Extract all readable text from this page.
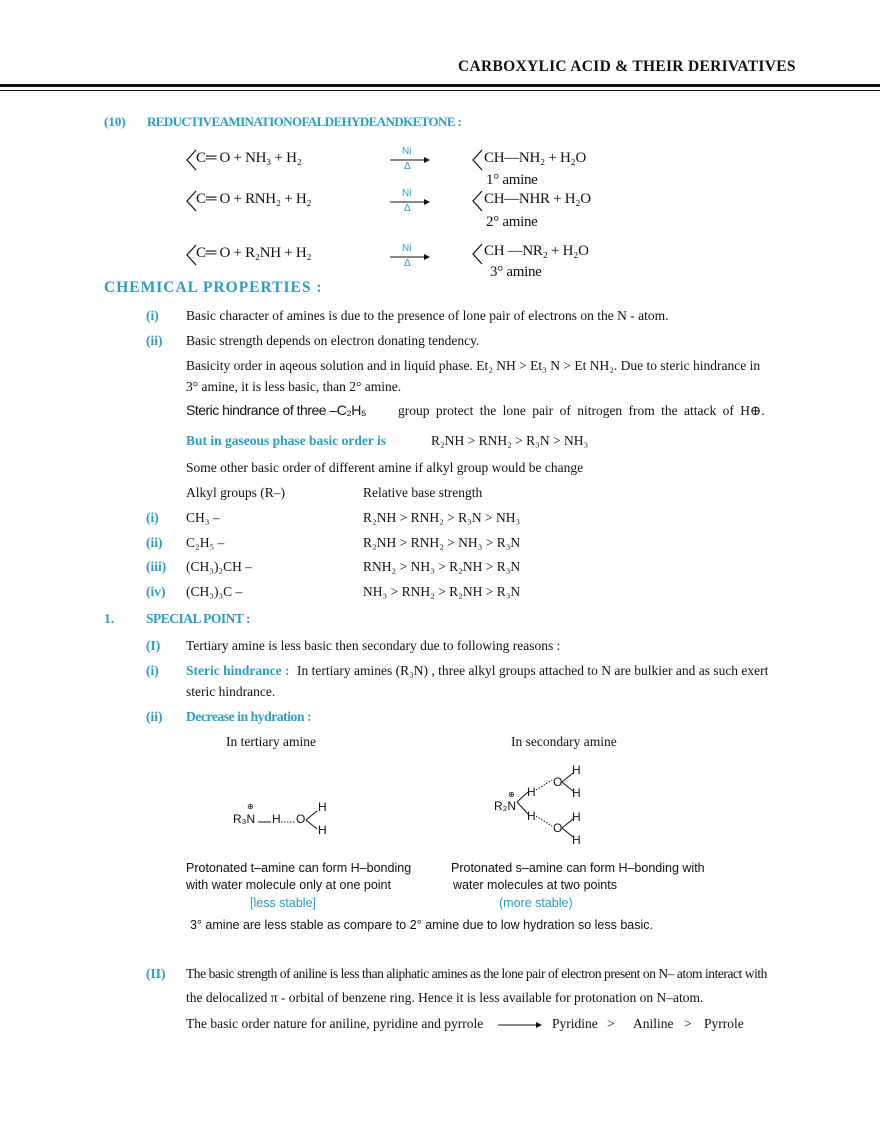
CARBOXYLIC ACID & THEIR DERIVATIVES
(10) REDUCTIVEAMINATIONOFALDEHYDEANDKETONE :
C═ O + NH₃ + H₂	Ni
Δ
CH—NH₂ + H₂O
1° amine
C═ O + RNH₂ + H₂	Ni
Δ
CH—NHR + H₂O
2° amine
C═ O + R₂NH + H₂	Ni
Δ
CH —NR₂ + H₂O
3° amine
CHEMICAL PROPERTIES :
(i) Basic character of amines is due to the presence of lone pair of electrons on the N - atom.
(ii) Basic strength depends on electron donating tendency.
Basicity order in aqeous solution and in liquid phase. Et₂ NH > Et₃ N > Et NH₂. Due to steric hindrance in
3° amine, it is less basic, than 2° amine.
Steric hindrance of three –C₂H₅ group protect the lone pair of nitrogen from the attack of H⊕.
But in gaseous phase basic order is	R₂NH > RNH₂ > R₃N > NH₃
Some other basic order of different amine if alkyl group would be change
Alkyl groups (R–)	Relative base strength
(i) CH₃ –	R₂NH > RNH₂ > R₃N > NH₃
(ii) C₂H₅ –	R₂NH > RNH₂ > NH₃ > R₃N
(iii) (CH₃)₂CH –	RNH₂ > NH₃ > R₂NH > R₃N
(iv) (CH₃)₃C –	NH₃ > RNH₂ > R₂NH > R₃N
1. SPECIAL POINT :
(I) Tertiary amine is less basic then secondary due to following reasons :
(i) Steric hindrance : In tertiary amines (R₃N) , three alkyl groups attached to N are bulkier and as such exert
steric hindrance.
(ii) Decrease in hydration :
In tertiary amine	In secondary amine
R₃N
⊕
H O
H
H
R₂N
⊕ H
H
O
O
H
H
H
H
Protonated t–amine can form H–bonding
with water molecule only at one point
[less stable]
Protonated s–amine can form H–bonding with
water molecules at two points
(more stable)
3° amine are less stable as compare to 2° amine due to low hydration so less basic.
(II) The basic strength of aniline is less than aliphatic amines as the lone pair of electron present on N– atom interact with
the delocalized π - orbital of benzene ring. Hence it is less available for protonation on N–atom.
The basic order nature for aniline, pyridine and pyrrole	Pyridine > Aniline > Pyrrole
